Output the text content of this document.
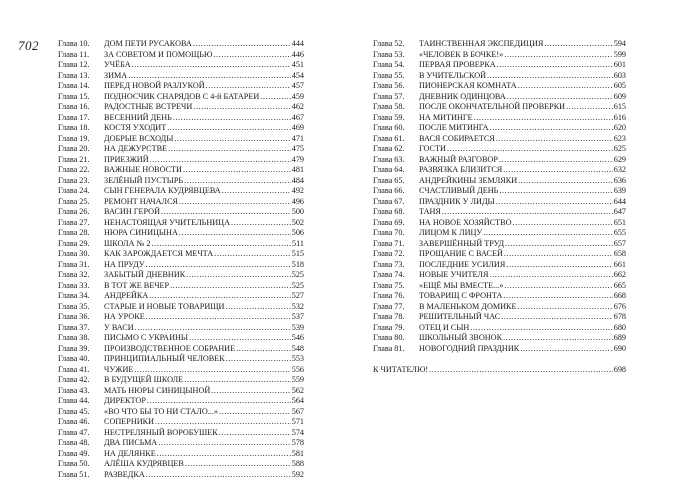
702 Глава 10.	ДОМ ПЕТИ РУСАКОВА .....	444
Глава 11.	ЗА СОВЕТОМ И ПОМОЩЬЮ .....	446
Глава 12.	УЧЁБА .....	451
Глава 13.	ЗИМА .....	454
Глава 14.	ПЕРЕД НОВОЙ РАЗЛУКОЙ .....	457
Глава 15.	ПОДНОСЧИК СНАРЯДОВ С 4-й БАТАРЕИ .....	459
Глава 16.	РАДОСТНЫЕ ВСТРЕЧИ .....	462
Глава 17.	ВЕСЕННИЙ ДЕНЬ .....	467
Глава 18.	КОСТЯ УХОДИТ .....	469
Глава 19.	ДОБРЫЕ ВСХОДЫ .....	471
Глава 20.	НА ДЕЖУРСТВЕ .....	475
Глава 21.	ПРИЕЗЖИЙ .....	479
Глава 22.	ВАЖНЫЕ НОВОСТИ .....	481
Глава 23.	ЗЕЛЁНЫЙ ПУСТЫРЬ .....	484
Глава 24.	СЫН ГЕНЕРАЛА КУДРЯВЦЕВА .....	492
Глава 25.	РЕМОНТ НАЧАЛСЯ .....	496
Глава 26.	ВАСИН ГЕРОЙ .....	500
Глава 27.	НЕНАСТОЯЩАЯ УЧИТЕЛЬНИЦА .....	502
Глава 28.	НЮРА СИНИЦЫНА .....	506
Глава 29.	ШКОЛА № 2 .....	511
Глава 30.	КАК ЗАРОЖДАЕТСЯ МЕЧТА .....	515
Глава 31.	НА ПРУДУ .....	518
Глава 32.	ЗАБЫТЫЙ ДНЕВНИК .....	525
Глава 33.	В ТОТ ЖЕ ВЕЧЕР .....	525
Глава 34.	АНДРЕЙКА .....	527
Глава 35.	СТАРЫЕ И НОВЫЕ ТОВАРИЩИ .....	532
Глава 36.	НА УРОКЕ .....	537
Глава 37.	У ВАСИ .....	539
Глава 38.	ПИСЬМО С УКРАИНЫ .....	546
Глава 39.	ПРОИЗВОДСТВЕННОЕ СОБРАНИЕ .....	548
Глава 40.	ПРИНЦИПИАЛЬНЫЙ ЧЕЛОВЕК .....	553
Глава 41.	ЧУЖИЕ .....	556
Глава 42.	В БУДУЩЕЙ ШКОЛЕ .....	559
Глава 43.	МАТЬ НЮРЫ СИНИЦЫНОЙ .....	562
Глава 44.	ДИРЕКТОР .....	564
Глава 45.	«ВО ЧТО БЫ ТО НИ СТАЛО...» .....	567
Глава 46.	СОПЕРНИКИ .....	571
Глава 47.	НЕСТРЕЛЯНЫЙ ВОРОБУШЕК .....	574
Глава 48.	ДВА ПИСЬМА .....	578
Глава 49.	НА ДЕЛЯНКЕ .....	581
Глава 50.	АЛЁША КУДРЯВЦЕВ .....	588
Глава 51.	РАЗВЕДКА .....	592
Глава 52.	ТАИНСТВЕННАЯ ЭКСПЕДИЦИЯ .....	594
Глава 53.	«ЧЕЛОВЕК В БОЧКЕ!» .....	599
Глава 54.	ПЕРВАЯ ПРОВЕРКА .....	601
Глава 55.	В УЧИТЕЛЬСКОЙ .....	603
Глава 56.	ПИОНЕРСКАЯ КОМНАТА .....	605
Глава 57.	ДНЕВНИК ОДИНЦОВА .....	609
Глава 58.	ПОСЛЕ ОКОНЧАТЕЛЬНОЙ ПРОВЕРКИ .....	615
Глава 59.	НА МИТИНГЕ .....	616
Глава 60.	ПОСЛЕ МИТИНГА .....	620
Глава 61.	ВАСЯ СОБИРАЕТСЯ .....	623
Глава 62.	ГОСТИ .....	625
Глава 63.	ВАЖНЫЙ РАЗГОВОР .....	629
Глава 64.	РАЗВЯЗКА БЛИЗИТСЯ .....	632
Глава 65.	АНДРЕЙКИНЫ ЗЕМЛЯКИ .....	636
Глава 66.	СЧАСТЛИВЫЙ ДЕНЬ .....	639
Глава 67.	ПРАЗДНИК У ЛИДЫ .....	644
Глава 68.	ТАНЯ .....	647
Глава 69.	НА НОВОЕ ХОЗЯЙСТВО .....	651
Глава 70.	ЛИЦОМ К ЛИЦУ .....	655
Глава 71.	ЗАВЕРШЁННЫЙ ТРУД .....	657
Глава 72.	ПРОЩАНИЕ С ВАСЕЙ .....	658
Глава 73.	ПОСЛЕДНИЕ УСИЛИЯ .....	661
Глава 74.	НОВЫЕ УЧИТЕЛЯ .....	662
Глава 75.	«ЕЩЁ МЫ ВМЕСТЕ...» .....	665
Глава 76.	ТОВАРИЩ С ФРОНТА .....	668
Глава 77.	В МАЛЕНЬКОМ ДОМИКЕ .....	676
Глава 78.	РЕШИТЕЛЬНЫЙ ЧАС .....	678
Глава 79.	ОТЕЦ И СЫН .....	680
Глава 80.	ШКОЛЬНЫЙ ЗВОНОК .....	689
Глава 81.	НОВОГОДНИЙ ПРАЗДНИК .....	690
К ЧИТАТЕЛЮ! .....	698
